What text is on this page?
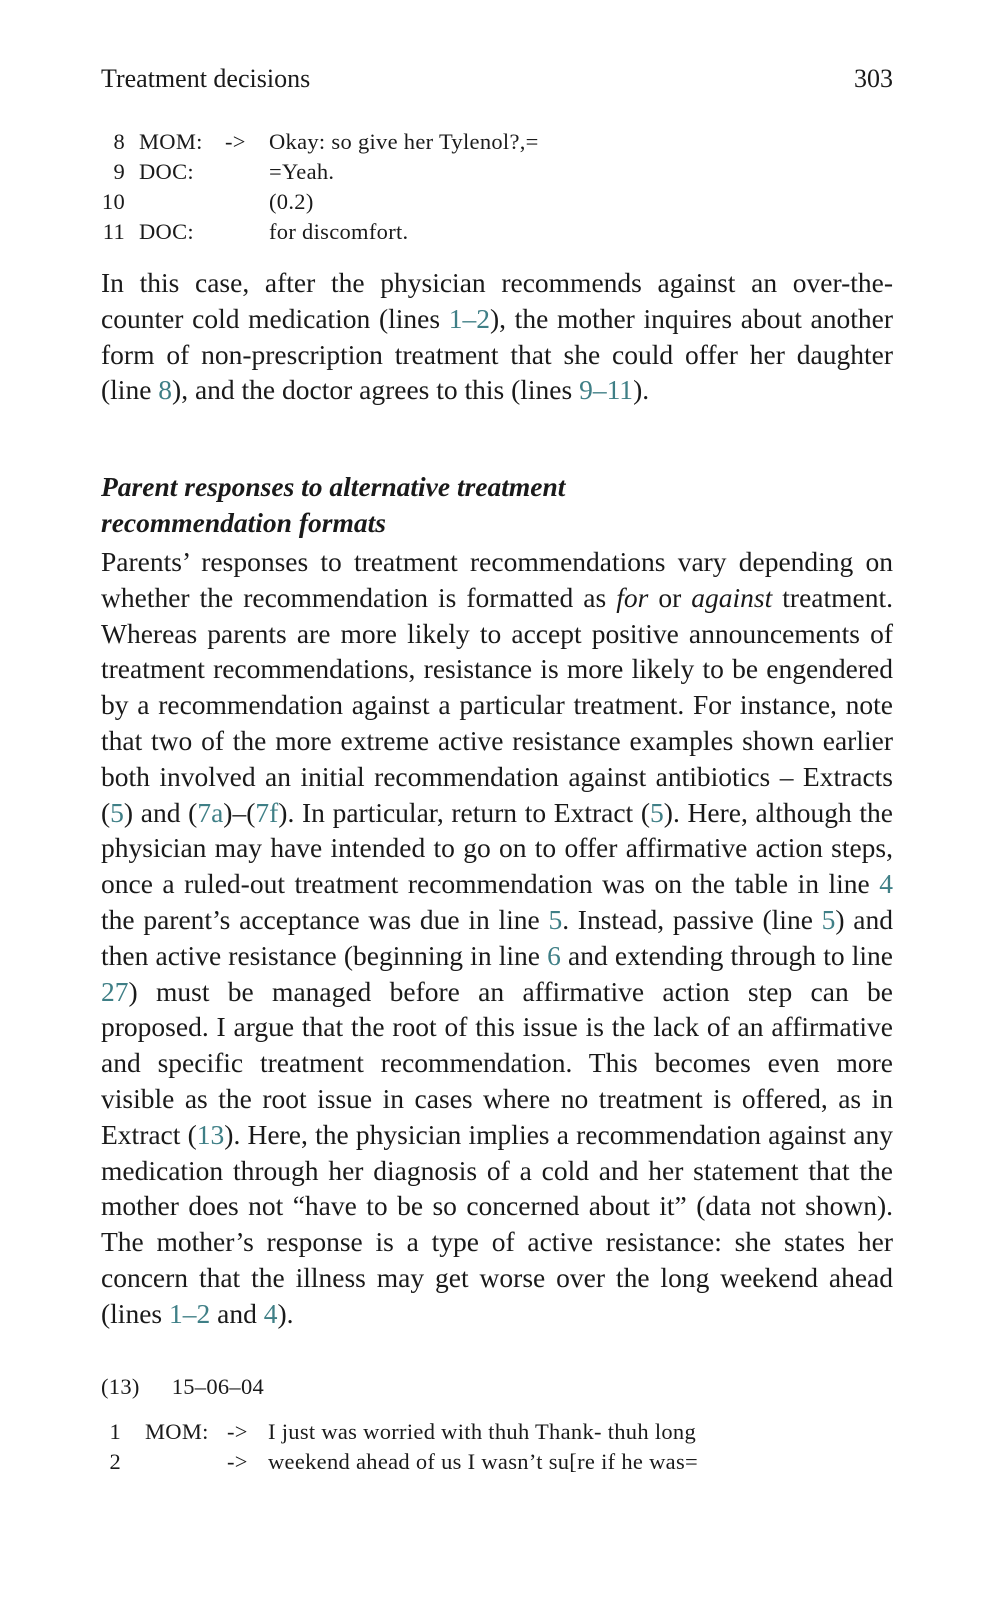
Treatment decisions	303
8 MOM: -> Okay: so give her Tylenol?,=
9 DOC:	=Yeah.
10	(0.2)
11 DOC:	for discomfort.

In this case, after the physician recommends against an over-the-counter cold medication (lines 1–2), the mother inquires about another form of non-prescription treatment that she could offer her daughter (line 8), and the doctor agrees to this (lines 9–11).

Parent responses to alternative treatment
recommendation formats

Parents’ responses to treatment recommendations vary depending on whether the recommendation is formatted as for or against treatment. Whereas parents are more likely to accept positive announcements of treatment recommendations, resistance is more likely to be engendered by a recommendation against a particular treatment. For instance, note that two of the more extreme active resistance examples shown earlier both involved an initial recommendation against antibiotics – Extracts (5) and (7a)–(7f). In particular, return to Extract (5). Here, although the physician may have intended to go on to offer affirmative action steps, once a ruled-out treatment recommendation was on the table in line 4 the parent’s acceptance was due in line 5. Instead, passive (line 5) and then active resistance (beginning in line 6 and extending through to line 27) must be managed before an affirmative action step can be proposed. I argue that the root of this issue is the lack of an affirmative and specific treatment recommendation. This becomes even more visible as the root issue in cases where no treatment is offered, as in Extract (13). Here, the physician implies a recommendation against any medication through her diagnosis of a cold and her statement that the mother does not “have to be so concerned about it” (data not shown). The mother’s response is a type of active resistance: she states her concern that the illness may get worse over the long weekend ahead (lines 1–2 and 4).

(13) 15–06–04
1 MOM: -> I just was worried with thuh Thank- thuh long
2	-> weekend ahead of us I wasn’t su[re if he was=
